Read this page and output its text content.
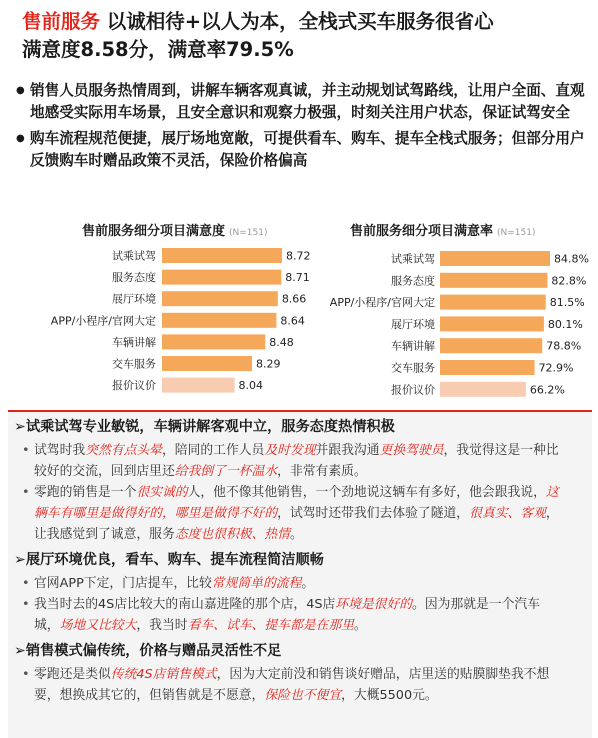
售前服务 以诚相待+以人为本，全栈式买车服务很省心
满意度8.58分，满意率79.5%
● 销售人员服务热情周到，讲解车辆客观真诚，并主动规划试驾路线，让用户全面、直观地感受实际用车场景，且安全意识和观察力极强，时刻关注用户状态，保证试驾安全
● 购车流程规范便捷，展厅场地宽敞，可提供看车、购车、提车全栈式服务；但部分用户反馈购车时赠品政策不灵活，保险价格偏高
售前服务细分项目满意度 (N=151)	售前服务细分项目满意率 (N=151)
试乘试驾	8.72
服务态度	8.71
展厅环境	8.66
APP/小程序/官网大定	8.64
车辆讲解	8.48
交车服务	8.29
报价议价	8.04
试乘试驾	84.8%
服务态度	82.8%
APP/小程序/官网大定	81.5%
展厅环境	80.1%
车辆讲解	78.8%
交车服务	72.9%
报价议价	66.2%
➢试乘试驾专业敏锐，车辆讲解客观中立，服务态度热情积极
• 试驾时我突然有点头晕，陪同的工作人员及时发现并跟我沟通更换驾驶员，我觉得这是一种比较好的交流，回到店里还给我倒了一杯温水，非常有素质。
• 零跑的销售是一个很实诚的人，他不像其他销售，一个劲地说这辆车有多好，他会跟我说，这辆车有哪里是做得好的，哪里是做得不好的，试驾时还带我们去体验了隧道，很真实、客观，让我感觉到了诚意，服务态度也很积极、热情。
➢展厅环境优良，看车、购车、提车流程简洁顺畅
• 官网APP下定，门店提车，比较常规简单的流程。
• 我当时去的4S店比较大的南山嘉进隆的那个店，4S店环境是很好的。因为那就是一个汽车城，场地又比较大，我当时看车、试车、提车都是在那里。
➢销售模式偏传统，价格与赠品灵活性不足
• 零跑还是类似传统4S店销售模式，因为大定前没和销售谈好赠品，店里送的贴膜脚垫我不想要，想换成其它的，但销售就是不愿意，保险也不便宜，大概5500元。
